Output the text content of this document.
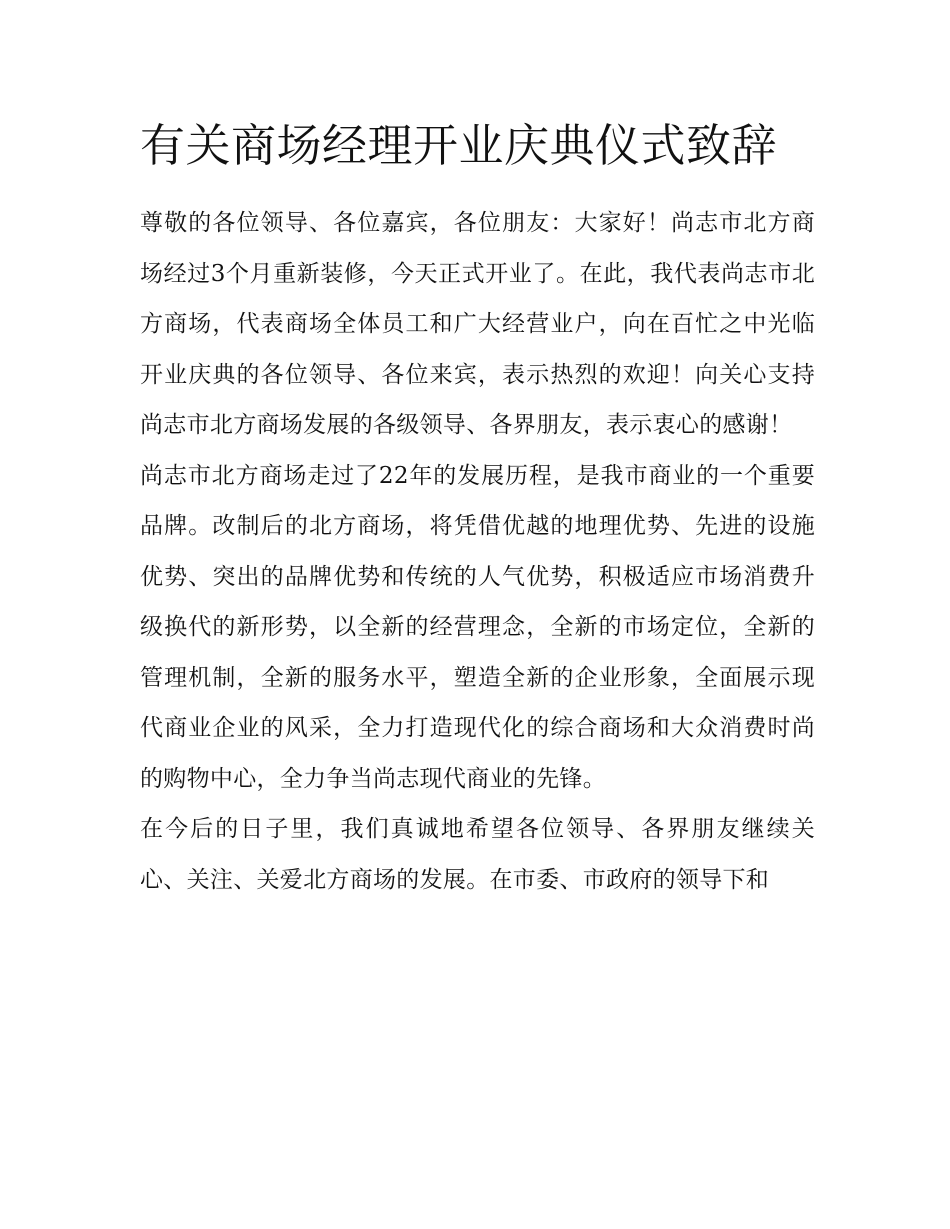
有关商场经理开业庆典仪式致辞

尊敬的各位领导、各位嘉宾，各位朋友：大家好！尚志市北方商场经过3个月重新装修，今天正式开业了。在此，我代表尚志市北方商场，代表商场全体员工和广大经营业户，向在百忙之中光临开业庆典的各位领导、各位来宾，表示热烈的欢迎！向关心支持尚志市北方商场发展的各级领导、各界朋友，表示衷心的感谢！

尚志市北方商场走过了22年的发展历程，是我市商业的一个重要品牌。改制后的北方商场，将凭借优越的地理优势、先进的设施优势、突出的品牌优势和传统的人气优势，积极适应市场消费升级换代的新形势，以全新的经营理念，全新的市场定位，全新的管理机制，全新的服务水平，塑造全新的企业形象，全面展示现代商业企业的风采，全力打造现代化的综合商场和大众消费时尚的购物中心，全力争当尚志现代商业的先锋。

在今后的日子里，我们真诚地希望各位领导、各界朋友继续关心、关注、关爱北方商场的发展。在市委、市政府的领导下和
